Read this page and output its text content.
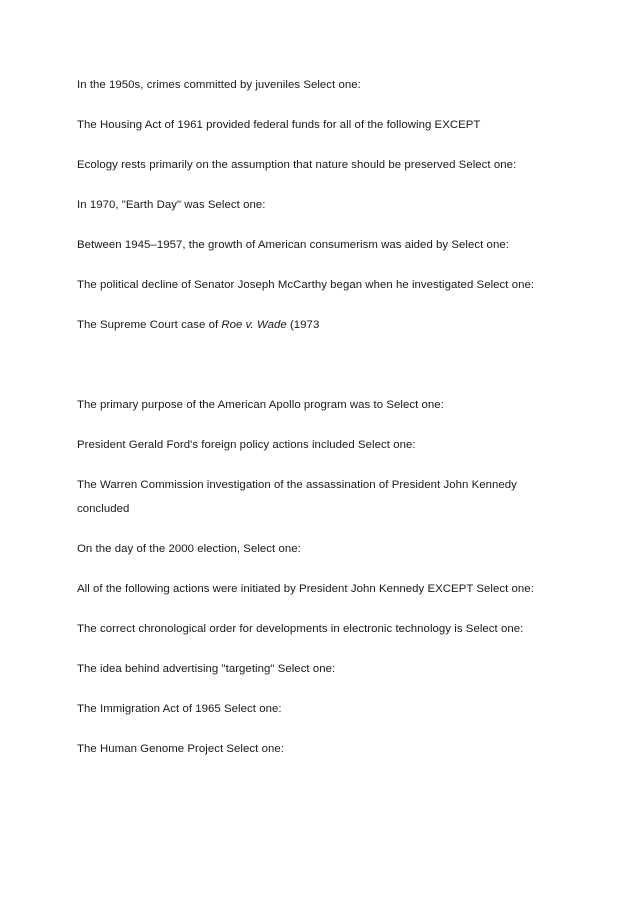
In the 1950s, crimes committed by juveniles Select one:
The Housing Act of 1961 provided federal funds for all of the following EXCEPT
Ecology rests primarily on the assumption that nature should be preserved Select one:
In 1970, "Earth Day" was Select one:
Between 1945–1957, the growth of American consumerism was aided by Select one:
The political decline of Senator Joseph McCarthy began when he investigated Select one:
The Supreme Court case of Roe v. Wade (1973
The primary purpose of the American Apollo program was to Select one:
President Gerald Ford's foreign policy actions included Select one:
The Warren Commission investigation of the assassination of President John Kennedy
concluded
On the day of the 2000 election, Select one:
All of the following actions were initiated by President John Kennedy EXCEPT Select one:
The correct chronological order for developments in electronic technology is Select one:
The idea behind advertising "targeting" Select one:
The Immigration Act of 1965 Select one:
The Human Genome Project Select one:
